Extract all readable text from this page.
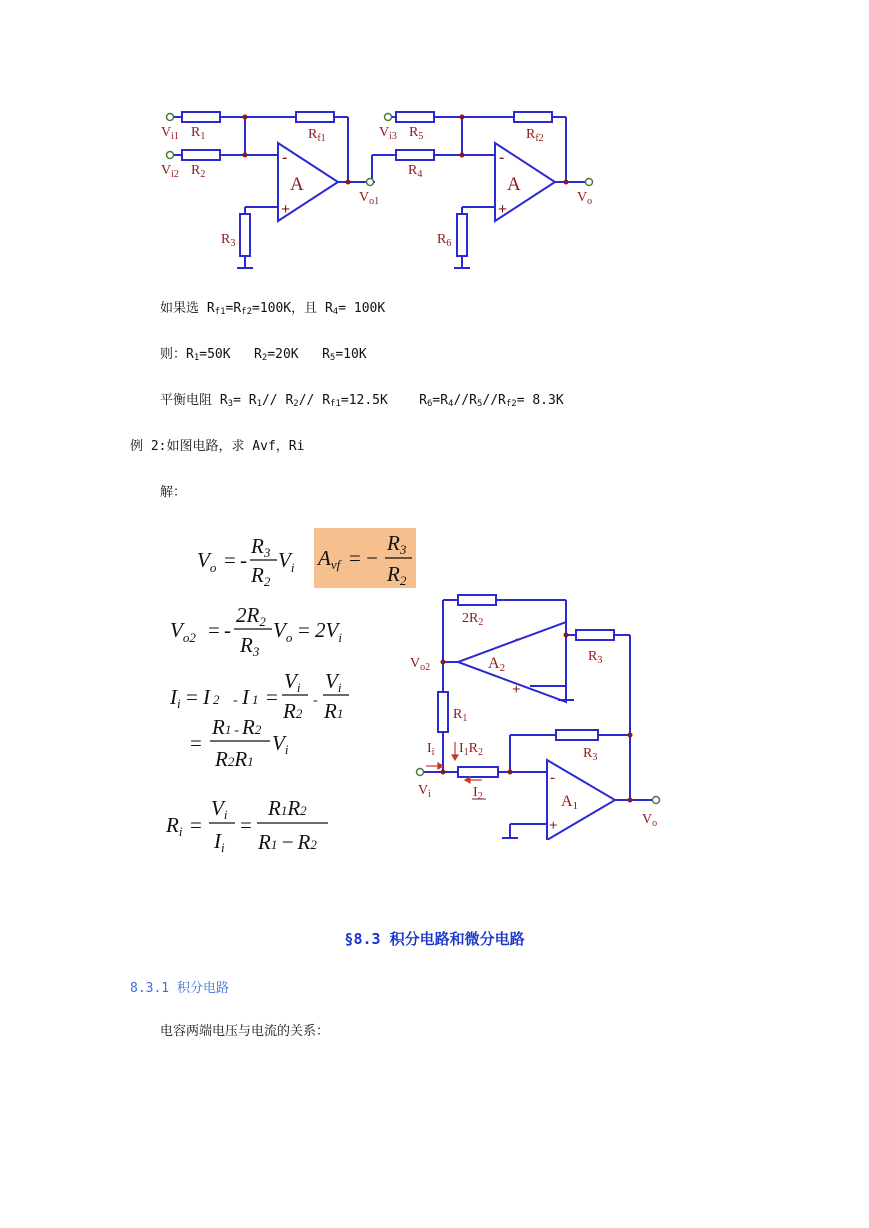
$V_{i1}$ $R_1$
$V_{i2}$ $R_2$
$R_{f1}$
A
-
+
$V_{o1}$
$R_3$
$V_{i3}$ $R_5$	$R_{f2}$
$R_4$	A
-
+
$V_o$
$R_6$
如果选 $R_{f1}=R_{f2}=100K$，且 $R_4= 100K$
则：$R_1=50K$   $R_2=20K$   $R_5=10K$
平衡电阻 $R_3= R_1//$ $R_2//$ $R_{f1}=12.5K$    $R_6=R_4//R_5//R_{f2}= 8.3K$
例 2:如图电路，求 Avf，Ri
解：
$V_o$ = -
R3
R2
$V_i$ Avf = −
R3
R2
$V_{o2}$ = -
2R2
R3
$V_o = 2V_i$
Ii = I 2 - I 1 =
Vi
R2
-
Vi
R1
=
R1 - R2
R2R1
Vi
Ri =
Vi
Ii
=
R1R2
R1 − R2
$2R_2$
$V_{o2}$	A2
-
+
$R_3$
$R_1$
$I_i$ $I_1R_2$	$R_3$
$V_i$	$I_2$	A1
-
+	$V_o$
§8.3 积分电路和微分电路
8.3.1 积分电路
电容两端电压与电流的关系：
